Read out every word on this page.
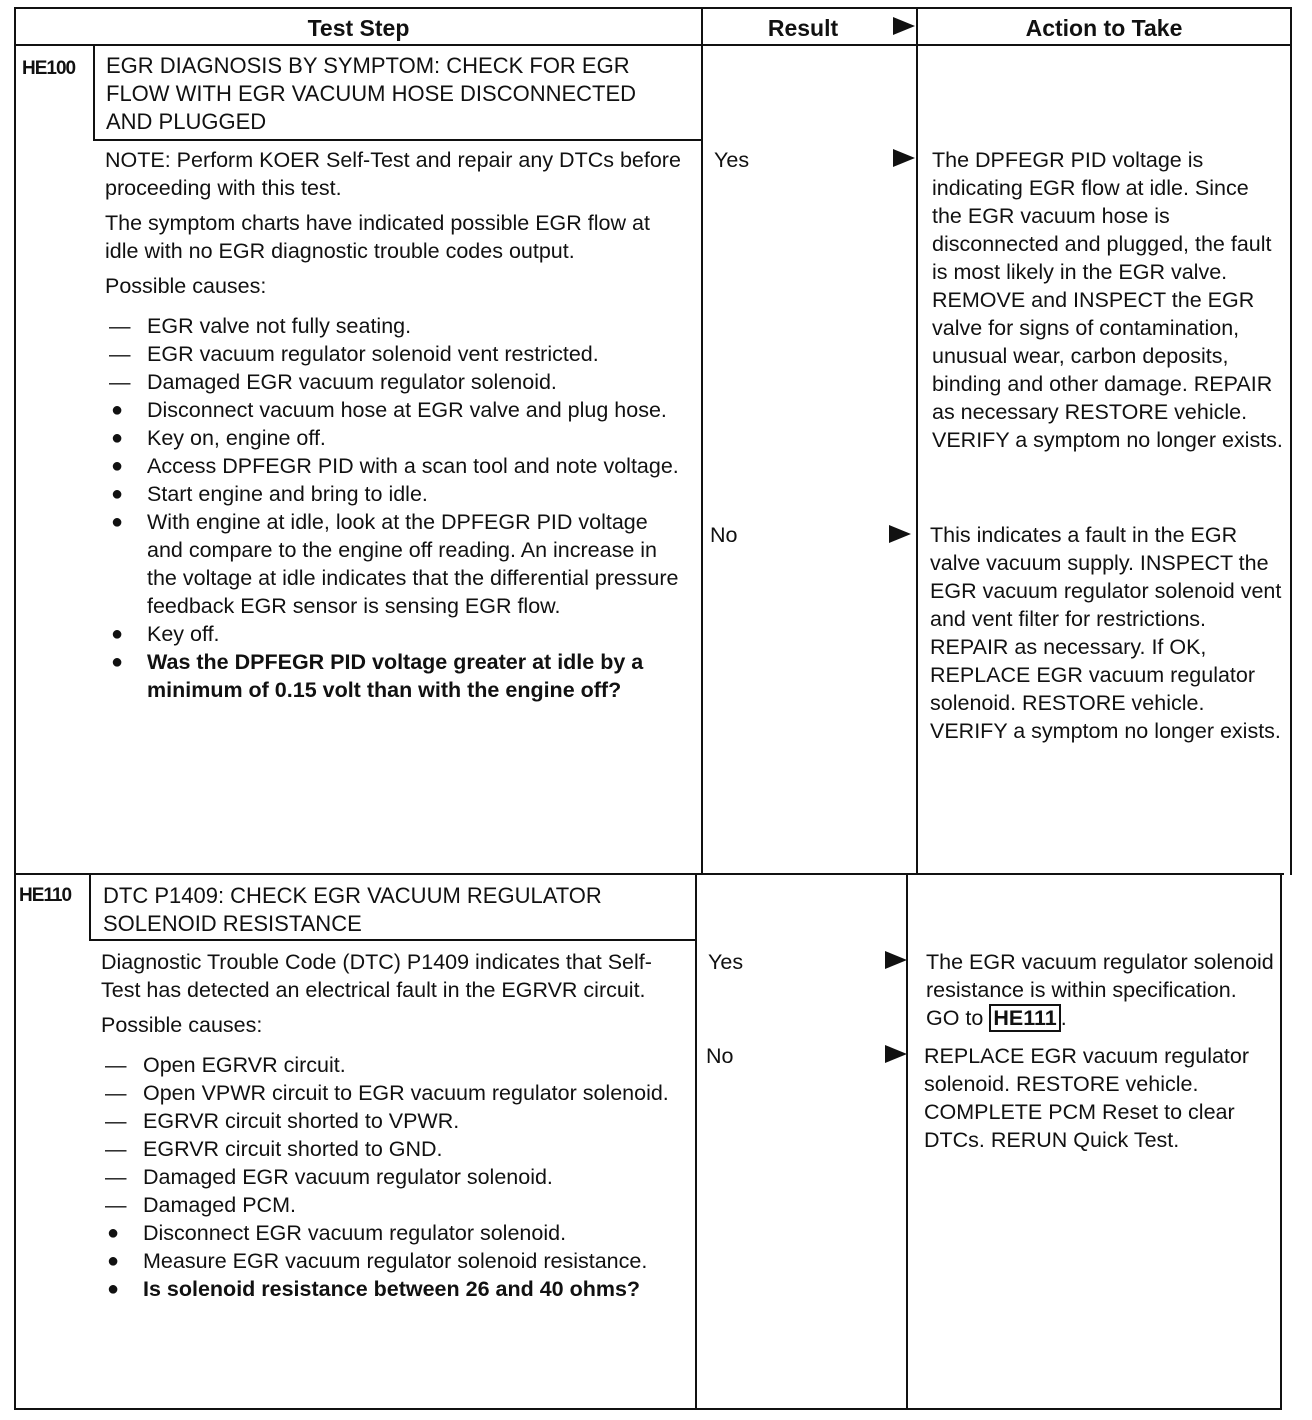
Test Step	Result	Action to Take
HE100 EGR DIAGNOSIS BY SYMPTOM: CHECK FOR EGR FLOW WITH EGR VACUUM HOSE DISCONNECTED AND PLUGGED

NOTE: Perform KOER Self-Test and repair any DTCs before proceeding with this test.

The symptom charts have indicated possible EGR flow at idle with no EGR diagnostic trouble codes output.

Possible causes:

— EGR valve not fully seating.
— EGR vacuum regulator solenoid vent restricted.
— Damaged EGR vacuum regulator solenoid.
● Disconnect vacuum hose at EGR valve and plug hose.
● Key on, engine off.
● Access DPFEGR PID with a scan tool and note voltage.
● Start engine and bring to idle.
● With engine at idle, look at the DPFEGR PID voltage and compare to the engine off reading. An increase in the voltage at idle indicates that the differential pressure feedback EGR sensor is sensing EGR flow.
● Key off.
● Was the DPFEGR PID voltage greater at idle by a minimum of 0.15 volt than with the engine off?
Yes	The DPFEGR PID voltage is indicating EGR flow at idle. Since the EGR vacuum hose is disconnected and plugged, the fault is most likely in the EGR valve. REMOVE and INSPECT the EGR valve for signs of contamination, unusual wear, carbon deposits, binding and other damage. REPAIR as necessary RESTORE vehicle. VERIFY a symptom no longer exists.
No	This indicates a fault in the EGR valve vacuum supply. INSPECT the EGR vacuum regulator solenoid vent and vent filter for restrictions. REPAIR as necessary. If OK, REPLACE EGR vacuum regulator solenoid. RESTORE vehicle. VERIFY a symptom no longer exists.
HE110 DTC P1409: CHECK EGR VACUUM REGULATOR SOLENOID RESISTANCE

Diagnostic Trouble Code (DTC) P1409 indicates that Self-Test has detected an electrical fault in the EGRVR circuit.

Possible causes:

— Open EGRVR circuit.
— Open VPWR circuit to EGR vacuum regulator solenoid.
— EGRVR circuit shorted to VPWR.
— EGRVR circuit shorted to GND.
— Damaged EGR vacuum regulator solenoid.
— Damaged PCM.
● Disconnect EGR vacuum regulator solenoid.
● Measure EGR vacuum regulator solenoid resistance.
● Is solenoid resistance between 26 and 40 ohms?
Yes	The EGR vacuum regulator solenoid resistance is within specification. GO to HE111 .
No	REPLACE EGR vacuum regulator solenoid. RESTORE vehicle. COMPLETE PCM Reset to clear DTCs. RERUN Quick Test.
